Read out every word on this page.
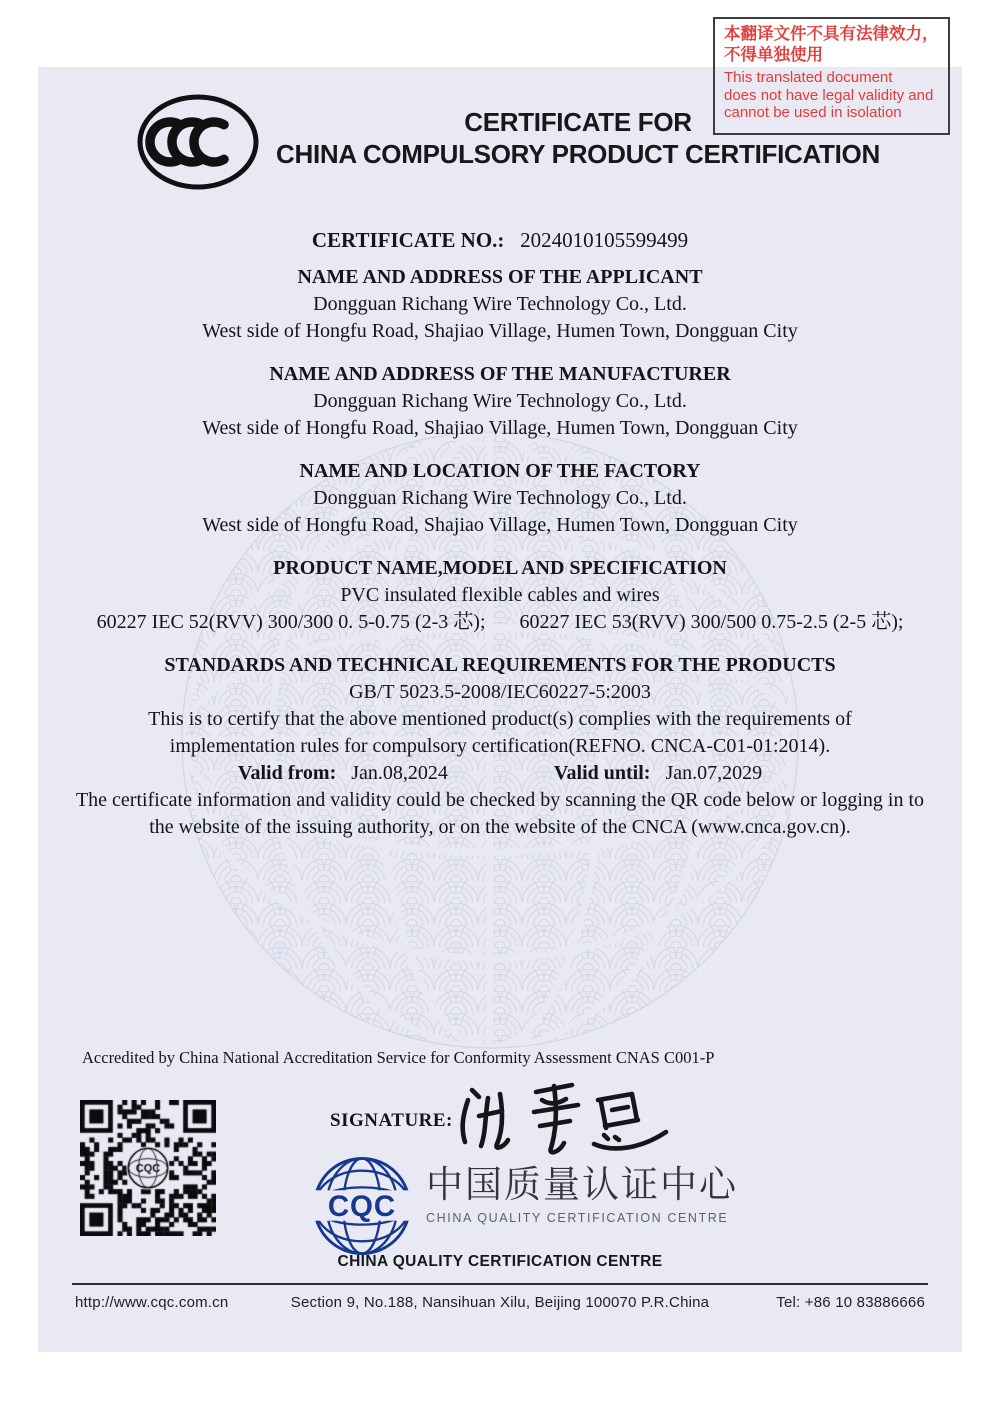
CERTIFICATE FOR
CHINA COMPULSORY PRODUCT CERTIFICATION
CERTIFICATE NO.: 2024010105599499
NAME AND ADDRESS OF THE APPLICANT
Dongguan Richang Wire Technology Co., Ltd.
West side of Hongfu Road, Shajiao Village, Humen Town, Dongguan City
NAME AND ADDRESS OF THE MANUFACTURER
Dongguan Richang Wire Technology Co., Ltd.
West side of Hongfu Road, Shajiao Village, Humen Town, Dongguan City
NAME AND LOCATION OF THE FACTORY
Dongguan Richang Wire Technology Co., Ltd.
West side of Hongfu Road, Shajiao Village, Humen Town, Dongguan City
PRODUCT NAME,MODEL AND SPECIFICATION
PVC insulated flexible cables and wires
60227 IEC 52(RVV) 300/300 0. 5-0.75 (2-3 芯); 60227 IEC 53(RVV) 300/500 0.75-2.5 (2-5 芯);
STANDARDS AND TECHNICAL REQUIREMENTS FOR THE PRODUCTS
GB/T 5023.5-2008/IEC60227-5:2003
This is to certify that the above mentioned product(s) complies with the requirements of
implementation rules for compulsory certification(REFNO. CNCA-C01-01:2014).
Valid from: Jan.08,2024	Valid until: Jan.07,2029
The certificate information and validity could be checked by scanning the QR code below or logging in to
the website of the issuing authority, or on the website of the CNCA (www.cnca.gov.cn).
Accredited by China National Accreditation Service for Conformity Assessment CNAS C001-P
SIGNATURE:
CQC
中国质量认证中心
CHINA QUALITY CERTIFICATION CENTRE
CHINA QUALITY CERTIFICATION CENTRE
http://www.cqc.com.cn	Section 9, No.188, Nansihuan Xilu, Beijing 100070 P.R.China	Tel: +86 10 83886666
本翻译文件不具有法律效力，
不得单独使用
This translated document
does not have legal validity and
cannot be used in isolation
